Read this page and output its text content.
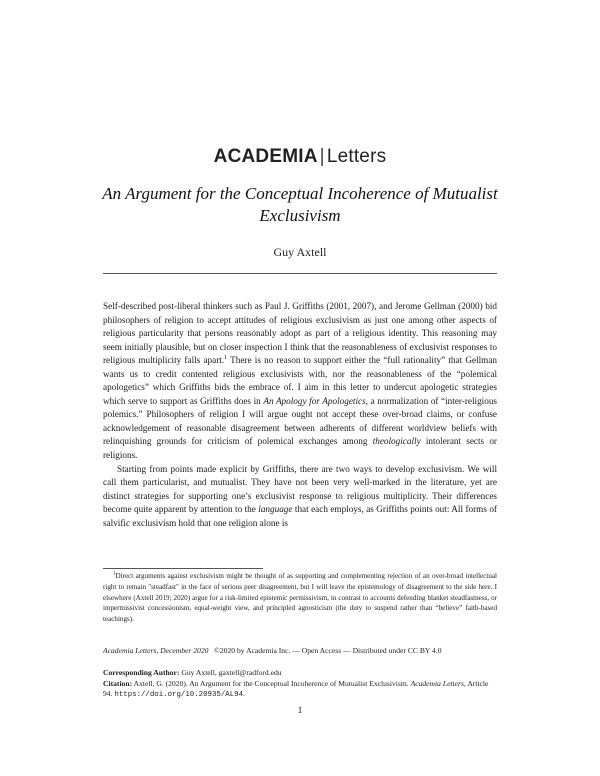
ACADEMIA | Letters
An Argument for the Conceptual Incoherence of Mutualist Exclusivism
Guy Axtell

Self-described post-liberal thinkers such as Paul J. Griffiths (2001, 2007), and Jerome Gellman (2000) bid philosophers of religion to accept attitudes of religious exclusivism as just one among other aspects of religious particularity that persons reasonably adopt as part of a religious identity. This reasoning may seem initially plausible, but on closer inspection I think that the reasonableness of exclusivist responses to religious multiplicity falls apart.$^1$ There is no reason to support either the “full rationality” that Gellman wants us to credit contented religious exclusivists with, nor the reasonableness of the “polemical apologetics” which Griffiths bids the embrace of. I aim in this letter to undercut apologetic strategies which serve to support as Griffiths does in An Apology for Apologetics, a normalization of “inter-religious polemics.” Philosophers of religion I will argue ought not accept these over-broad claims, or confuse acknowledgement of reasonable disagreement between adherents of different worldview beliefs with relinquishing grounds for criticism of polemical exchanges among theologically intolerant sects or religions.

Starting from points made explicit by Griffiths, there are two ways to develop exclusivism. We will call them particularist, and mutualist. They have not been very well-marked in the literature, yet are distinct strategies for supporting one’s exclusivist response to religious multiplicity. Their differences become quite apparent by attention to the language that each employs, as Griffiths points out: All forms of salvific exclusivism hold that one religion alone is

$^1$Direct arguments against exclusivism might be thought of as supporting and complementing rejection of an over-broad intellectual right to remain "steadfast" in the face of serious peer disagreement, but I will leave the epistemology of disagreement to the side here. I elsewhere (Axtell 2019; 2020) argue for a risk-limited epistemic permissivism, in contrast to accounts defending blanket steadfastness, or impermissivist concessionism, equal-weight view, and principled agnosticism (the duty to suspend rather than “believe” faith-based teachings).

Academia Letters, December 2020   ©2020 by Academia Inc. — Open Access — Distributed under CC BY 4.0
Corresponding Author: Guy Axtell, gaxtell@radford.edu
Citation: Axtell, G. (2020). An Argument for the Conceptual Incoherence of Mutualist Exclusivism. Academia Letters, Article 94. https://doi.org/10.20935/AL94.
1
